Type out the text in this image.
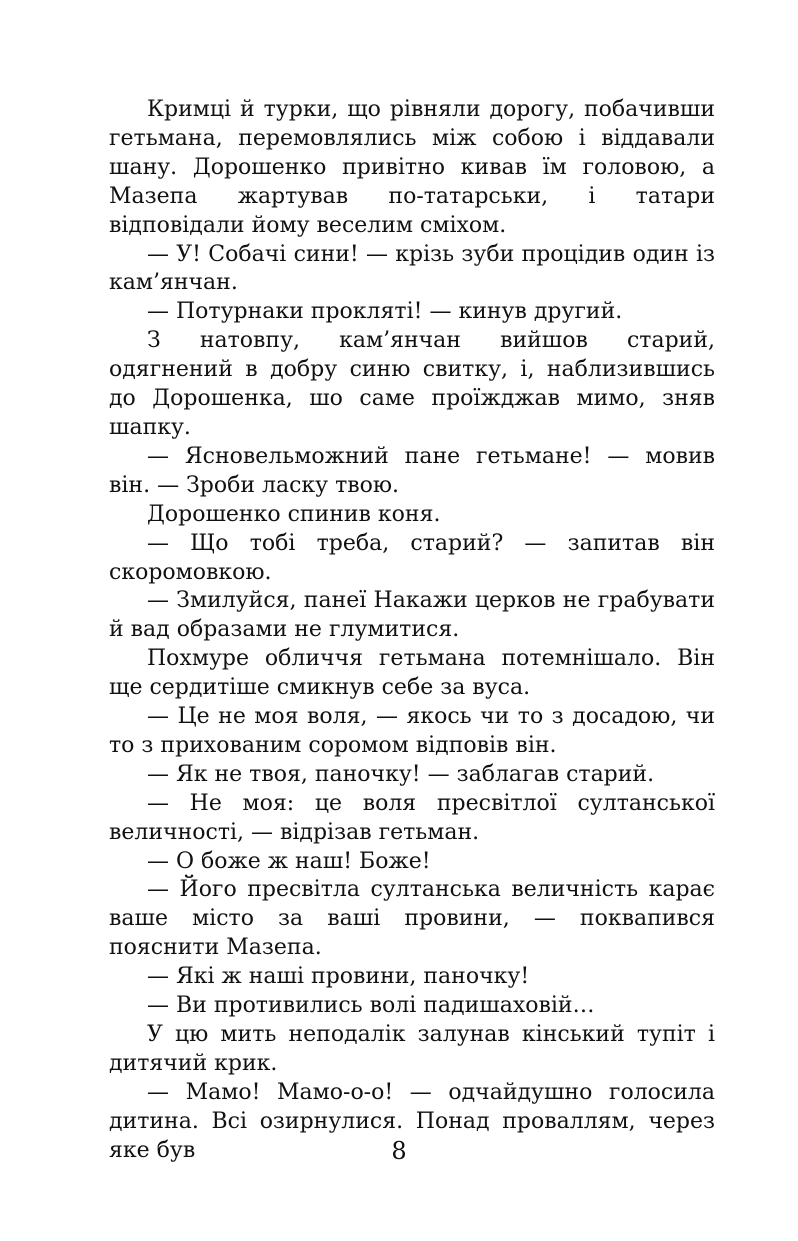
Кримці й турки, що рівняли дорогу, побачивши гетьмана, перемовлялись між собою і віддавали шану. Дорошенко привітно кивав їм головою, а Мазепа жартував по-татарськи, і татари відповідали йому веселим сміхом.

— У! Собачі сини! — крізь зуби процідив один із кам’янчан.

— Потурнаки прокляті! — кинув другий.

З натовпу, кам’янчан вийшов старий, одягнений в добру синю свитку, і, наблизившись до Дорошенка, шо саме проїжджав мимо, зняв шапку.

— Ясновельможний пане гетьмане! — мовив він. — Зроби ласку твою.

Дорошенко спинив коня.

— Що тобі треба, старий? — запитав він скоромовкою.

— Змилуйся, панеї Накажи церков не грабувати й вад образами не глумитися.

Похмуре обличчя гетьмана потемнішало. Він ще сердитіше смикнув себе за вуса.

— Це не моя воля, — якось чи то з досадою, чи то з прихованим соромом відповів він.

— Як не твоя, паночку! — заблагав старий.

— Не моя: це воля пресвітлої султанської величності, — відрізав гетьман.

— О боже ж наш! Боже!

— Його пресвітла султанська величність карає ваше місто за ваші провини, — поквапився пояснити Мазепа.

— Які ж наші провини, паночку!

— Ви противились волі падишаховій…

У цю мить неподалік залунав кінський тупіт і дитячий крик.

— Мамо! Мамо-о-о! — одчайдушно голосила дитина. Всі озирнулися. Понад проваллям, через яке був	8
